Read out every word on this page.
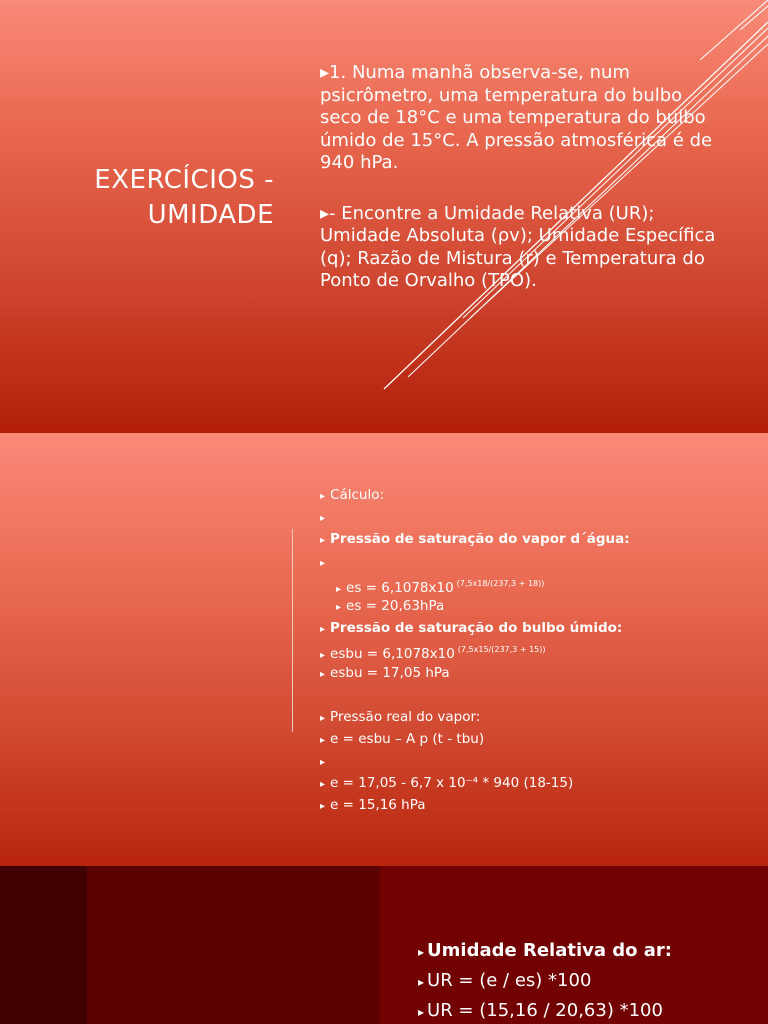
EXERCÍCIOS -
UMIDADE

▸1. Numa manhã observa-se, num psicrômetro, uma temperatura do bulbo seco de 18°C e uma temperatura do bulbo úmido de 15°C. A pressão atmosférica é de 940 hPa.

▸- Encontre a Umidade Relativa (UR); Umidade Absoluta (ρv); Umidade Específica (q); Razão de Mistura (r) e Temperatura do Ponto de Orvalho (TPO).

▸ Cálculo:
▸
▸ Pressão de saturação do vapor d´água:
▸
▸ es = 6,1078x10 $^{(7,5x18/(237,3 + 18))}$
▸ es = 20,63hPa
▸ Pressão de saturação do bulbo úmido:
▸ esbu = 6,1078x10 $^{(7,5x15/(237,3 + 15))}$
▸ esbu = 17,05 hPa
▸ Pressão real do vapor:
▸ e = esbu – A p (t - tbu)
▸
▸ e = 17,05 - 6,7 x 10⁻⁴ * 940 (18-15)
▸ e = 15,16 hPa
▸ Umidade Relativa do ar:
▸ UR = (e / es) *100
▸ UR = (15,16 / 20,63) *100
